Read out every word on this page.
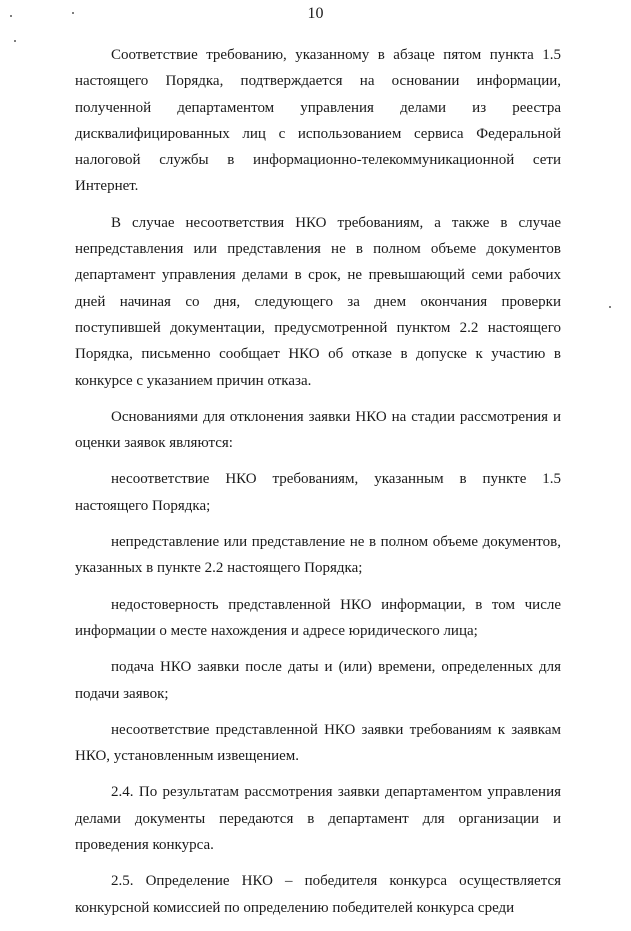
10

Соответствие требованию, указанному в абзаце пятом пункта 1.5 настоящего Порядка, подтверждается на основании информации, полученной департаментом управления делами из реестра дисквалифицированных лиц с использованием сервиса Федеральной налоговой службы в информационно-телекоммуникационной сети Интернет.

В случае несоответствия НКО требованиям, а также в случае непредставления или представления не в полном объеме документов департамент управления делами в срок, не превышающий семи рабочих дней начиная со дня, следующего за днем окончания проверки поступившей документации, предусмотренной пунктом 2.2 настоящего Порядка, письменно сообщает НКО об отказе в допуске к участию в конкурсе с указанием причин отказа.

Основаниями для отклонения заявки НКО на стадии рассмотрения и оценки заявок являются:

несоответствие НКО требованиям, указанным в пункте 1.5 настоящего Порядка;

непредставление или представление не в полном объеме документов, указанных в пункте 2.2 настоящего Порядка;

недостоверность представленной НКО информации, в том числе информации о месте нахождения и адресе юридического лица;

подача НКО заявки после даты и (или) времени, определенных для подачи заявок;

несоответствие представленной НКО заявки требованиям к заявкам НКО, установленным извещением.

2.4. По результатам рассмотрения заявки департаментом управления делами документы передаются в департамент для организации и проведения конкурса.

2.5. Определение НКО – победителя конкурса осуществляется конкурсной комиссией по определению победителей конкурса среди
